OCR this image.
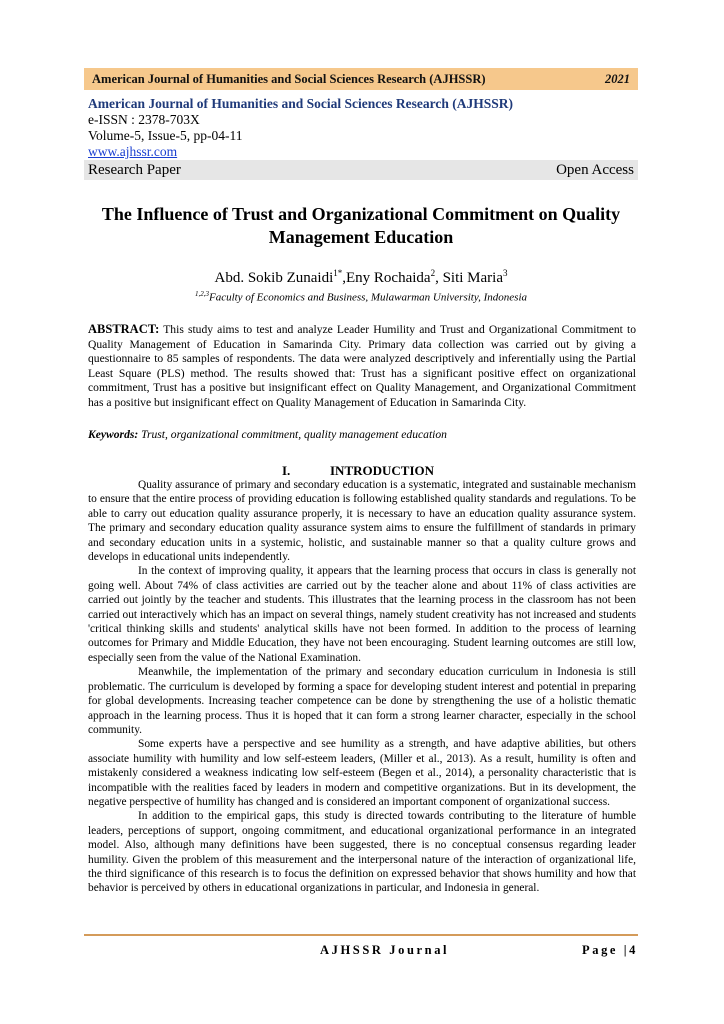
American Journal of Humanities and Social Sciences Research (AJHSSR)	2021
American Journal of Humanities and Social Sciences Research (AJHSSR)
e-ISSN : 2378-703X
Volume-5, Issue-5, pp-04-11
www.ajhssr.com
Research Paper	Open Access
The Influence of Trust and Organizational Commitment on Quality Management Education
Abd. Sokib Zunaidi$^{1*}$,Eny Rochaida$^2$, Siti Maria$^3$
$^{1,2,3}$Faculty of Economics and Business, Mulawarman University, Indonesia
ABSTRACT: This study aims to test and analyze Leader Humility and Trust and Organizational Commitment to Quality Management of Education in Samarinda City. Primary data collection was carried out by giving a questionnaire to 85 samples of respondents. The data were analyzed descriptively and inferentially using the Partial Least Square (PLS) method. The results showed that: Trust has a significant positive effect on organizational commitment, Trust has a positive but insignificant effect on Quality Management, and Organizational Commitment has a positive but insignificant effect on Quality Management of Education in Samarinda City.
Keywords: Trust, organizational commitment, quality management education
I.	INTRODUCTION

Quality assurance of primary and secondary education is a systematic, integrated and sustainable mechanism to ensure that the entire process of providing education is following established quality standards and regulations. To be able to carry out education quality assurance properly, it is necessary to have an education quality assurance system. The primary and secondary education quality assurance system aims to ensure the fulfillment of standards in primary and secondary education units in a systemic, holistic, and sustainable manner so that a quality culture grows and develops in educational units independently.

In the context of improving quality, it appears that the learning process that occurs in class is generally not going well. About 74% of class activities are carried out by the teacher alone and about 11% of class activities are carried out jointly by the teacher and students. This illustrates that the learning process in the classroom has not been carried out interactively which has an impact on several things, namely student creativity has not increased and students 'critical thinking skills and students' analytical skills have not been formed. In addition to the process of learning outcomes for Primary and Middle Education, they have not been encouraging. Student learning outcomes are still low, especially seen from the value of the National Examination.

Meanwhile, the implementation of the primary and secondary education curriculum in Indonesia is still problematic. The curriculum is developed by forming a space for developing student interest and potential in preparing for global developments. Increasing teacher competence can be done by strengthening the use of a holistic thematic approach in the learning process. Thus it is hoped that it can form a strong learner character, especially in the school community.

Some experts have a perspective and see humility as a strength, and have adaptive abilities, but others associate humility with humility and low self-esteem leaders, (Miller et al., 2013). As a result, humility is often and mistakenly considered a weakness indicating low self-esteem (Begen et al., 2014), a personality characteristic that is incompatible with the realities faced by leaders in modern and competitive organizations. But in its development, the negative perspective of humility has changed and is considered an important component of organizational success.

In addition to the empirical gaps, this study is directed towards contributing to the literature of humble leaders, perceptions of support, ongoing commitment, and educational organizational performance in an integrated model. Also, although many definitions have been suggested, there is no conceptual consensus regarding leader humility. Given the problem of this measurement and the interpersonal nature of the interaction of organizational life, the third significance of this research is to focus the definition on expressed behavior that shows humility and how that behavior is perceived by others in educational organizations in particular, and Indonesia in general.

AJHSSR Journal	Page |4
